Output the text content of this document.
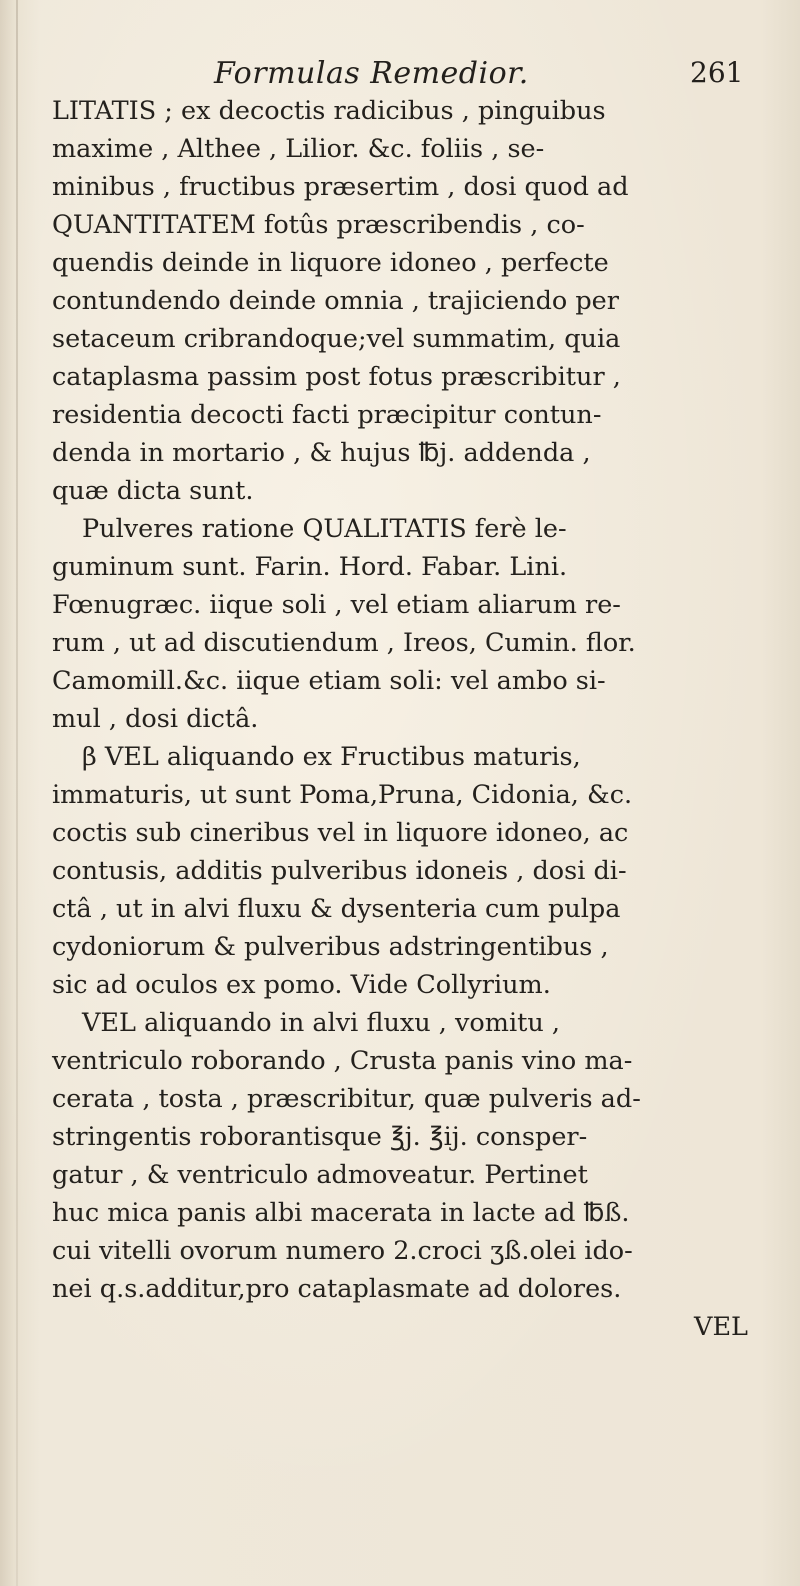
Formulas Remedior.	261
LITATIS ; ex decoctis radicibus , pinguibus
maxime , Althee , Lilior. &c. foliis , se-
minibus , fructibus præsertim , dosi quod ad
QUANTITATEM fotûs præscribendis , co-
quendis deinde in liquore idoneo , perfecte
contundendo deinde omnia , trajiciendo per
setaceum cribrandoque;vel summatim, quia
cataplasma passim post fotus præscribitur ,
residentia decocti facti præcipitur contun-
denda in mortario , & hujus ℔j. addenda ,
quæ dicta sunt.
Pulveres ratione QUALITATIS ferè le-
guminum sunt. Farin. Hord. Fabar. Lini.
Fœnugræc. iique soli , vel etiam aliarum re-
rum , ut ad discutiendum , Ireos, Cumin. flor.
Camomill.&c. iique etiam soli: vel ambo si-
mul , dosi dictâ.
β VEL aliquando ex Fructibus maturis,
immaturis, ut sunt Poma,Pruna, Cidonia, &c.
coctis sub cineribus vel in liquore idoneo, ac
contusis, additis pulveribus idoneis , dosi di-
ctâ , ut in alvi fluxu & dysenteria cum pulpa
cydoniorum & pulveribus adstringentibus ,
sic ad oculos ex pomo. Vide Collyrium.
VEL aliquando in alvi fluxu , vomitu ,
ventriculo roborando , Crusta panis vino ma-
cerata , tosta , præscribitur, quæ pulveris ad-
stringentis roborantisque ℥j. ℥ij. consper-
gatur , & ventriculo admoveatur. Pertinet
huc mica panis albi macerata in lacte ad ℔ß.
cui vitelli ovorum numero 2.croci ʒß.olei ido-
nei q.s.additur,pro cataplasmate ad dolores.
VEL
